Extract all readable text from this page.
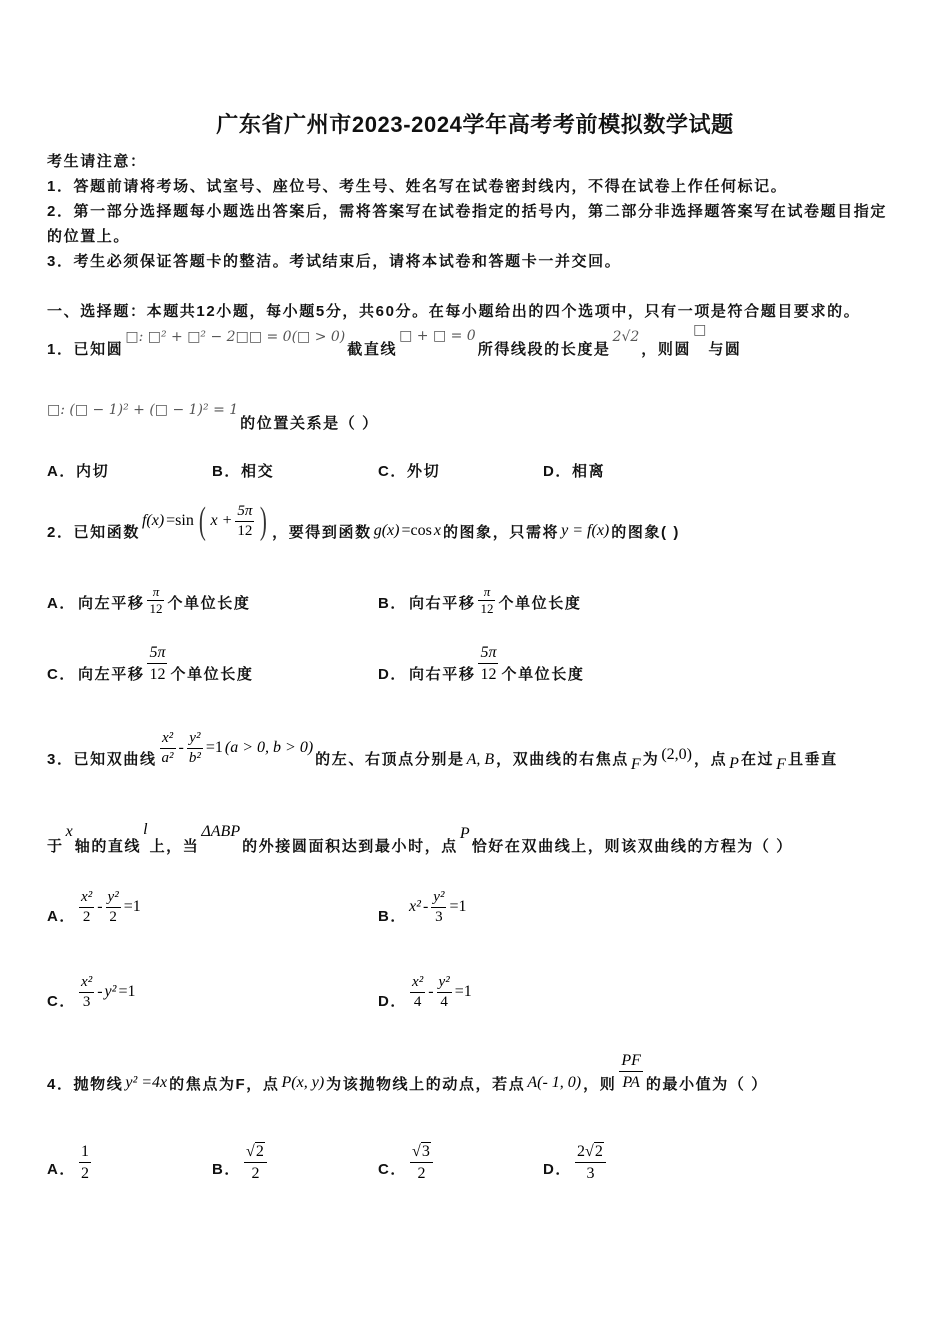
广东省广州市2023-2024学年高考考前模拟数学试题
考生请注意：
1．答题前请将考场、试室号、座位号、考生号、姓名写在试卷密封线内，不得在试卷上作任何标记。
2．第一部分选择题每小题选出答案后，需将答案写在试卷指定的括号内，第二部分非选择题答案写在试卷题目指定
的位置上。
3．考生必须保证答题卡的整洁。考试结束后，请将本试卷和答题卡一并交回。
一、选择题：本题共12小题，每小题5分，共60分。在每小题给出的四个选项中，只有一项是符合题目要求的。
1．已知圆
□: □² + □² − 2□□ = 0(□ > 0)
截直线
□ + □ = 0
所得线段的长度是
2√2
，则圆
□
与圆
□: (□ − 1)² + (□ − 1)² = 1
的位置关系是（ ）
A．内切	B．相交	C．外切	D．相离
2．已知函数
f(x) =sin ( $x + \frac{5\pi}{12}$ ) ，要得到函数 g(x) =cos x 的图象，只需将 y = f(x) 的图象( )
A． 向左平移 $\frac{\pi}{12}$ 个单位长度	B． 向右平移 $\frac{\pi}{12}$ 个单位长度
C． 向左平移 $\frac{5\pi}{12}$ 个单位长度	D． 向右平移 $\frac{5\pi}{12}$ 个单位长度
3．已知双曲线 $\frac{\text{x²}}{\text{a²}} - \frac{\text{y²}}{\text{b²}} =1$ (a > 0, b > 0)
的左、右顶点分别是 A, B ，双曲线的右焦点 F 为 (2,0) ，点 P 在过 F 且垂直
于
x
轴的直线
l
上，当
ΔABP
的外接圆面积达到最小时，点
P
恰好在双曲线上，则该双曲线的方程为（ ）
A． $\frac{\text{x²}}{2} - \frac{\text{y²}}{2} =1$
B．
$x^2 - \frac{\text{y²}}{3} =1$
C． $\frac{\text{x²}}{3} - y^2 =1$
D． $\frac{\text{x²}}{4} - \frac{\text{y²}}{4} =1$
4．抛物线 y² =4x 的焦点为F，点 P(x, y) 为该抛物线上的动点，若点 A(- 1, 0) ，则 $\frac{PF}{PA}$ 的最小值为（ ）
A． $\frac{1}{2}$	B． $\frac{√2}{2}$	C． $\frac{√3}{2}$	D． $\frac{2√2}{3}$
